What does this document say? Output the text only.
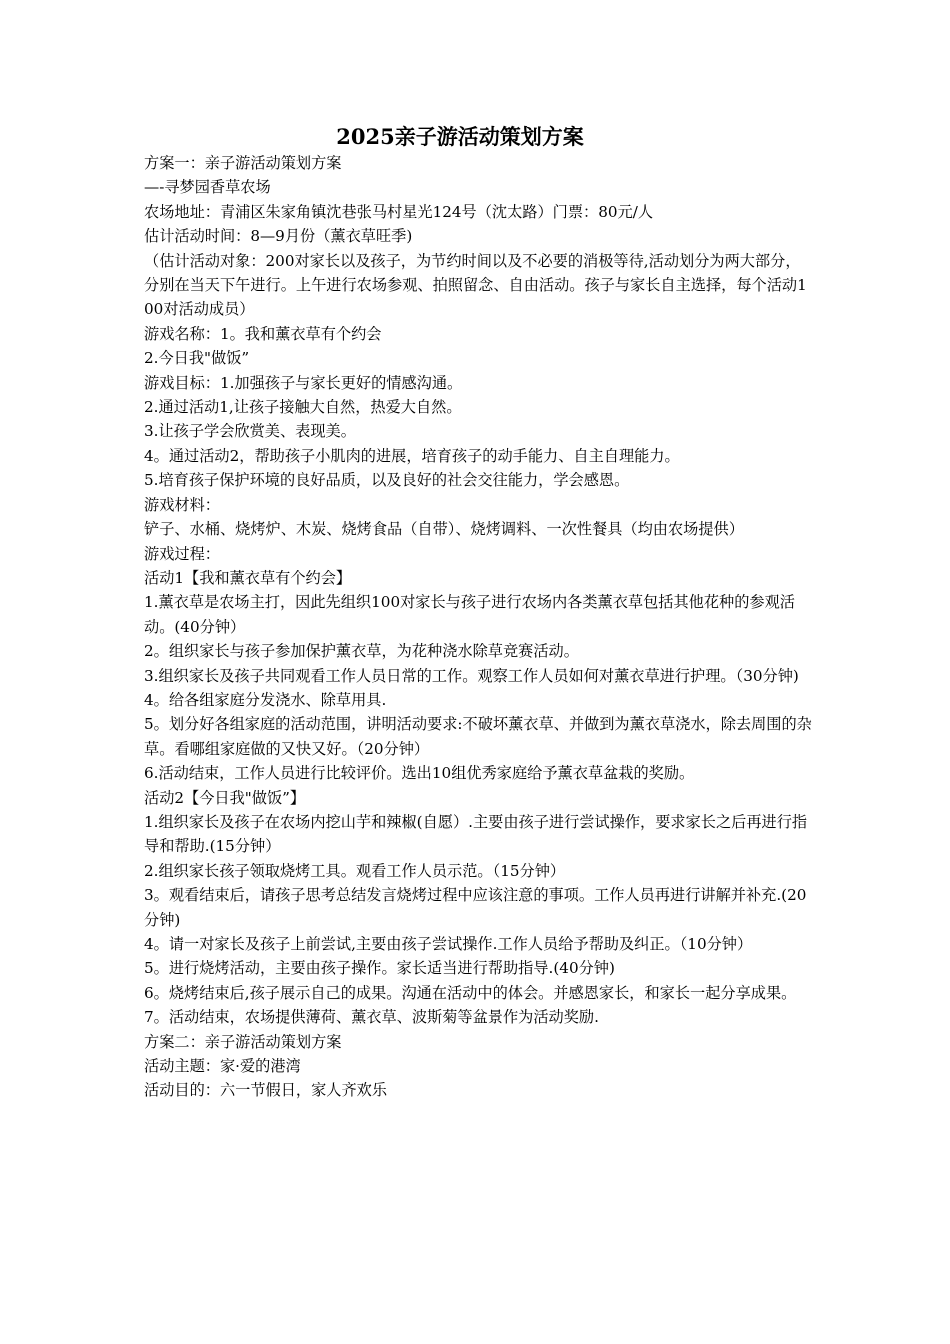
2025亲子游活动策划方案

方案一：亲子游活动策划方案

—-寻梦园香草农场

农场地址：青浦区朱家角镇沈巷张马村星光124号（沈太路）门票：80元/人

估计活动时间：8—9月份（薰衣草旺季)

（估计活动对象：200对家长以及孩子，为节约时间以及不必要的消极等待,活动划分为两大部分，分别在当天下午进行。上午进行农场参观、拍照留念、自由活动。孩子与家长自主选择，每个活动100对活动成员）

游戏名称：1。我和薰衣草有个约会

2.今日我"做饭”

游戏目标：1.加强孩子与家长更好的情感沟通。

2.通过活动1,让孩子接触大自然，热爱大自然。

3.让孩子学会欣赏美、表现美。

4。通过活动2，帮助孩子小肌肉的进展，培育孩子的动手能力、自主自理能力。

5.培育孩子保护环境的良好品质，以及良好的社会交往能力，学会感恩。

游戏材料：

铲子、水桶、烧烤炉、木炭、烧烤食品（自带）、烧烤调料、一次性餐具（均由农场提供）

游戏过程：

活动1【我和薰衣草有个约会】

1.薰衣草是农场主打，因此先组织100对家长与孩子进行农场内各类薰衣草包括其他花种的参观活动。(40分钟）

2。组织家长与孩子参加保护薰衣草，为花种浇水除草竞赛活动。

3.组织家长及孩子共同观看工作人员日常的工作。观察工作人员如何对薰衣草进行护理。（30分钟)

4。给各组家庭分发浇水、除草用具.

5。划分好各组家庭的活动范围，讲明活动要求:不破坏薰衣草、并做到为薰衣草浇水，除去周围的杂草。看哪组家庭做的又快又好。（20分钟）

6.活动结束，工作人员进行比较评价。选出10组优秀家庭给予薰衣草盆栽的奖励。

活动2【今日我"做饭”】

1.组织家长及孩子在农场内挖山芋和辣椒(自愿）.主要由孩子进行尝试操作，要求家长之后再进行指导和帮助.(15分钟）

2.组织家长孩子领取烧烤工具。观看工作人员示范。（15分钟）

3。观看结束后，请孩子思考总结发言烧烤过程中应该注意的事项。工作人员再进行讲解并补充.(20分钟)

4。请一对家长及孩子上前尝试,主要由孩子尝试操作.工作人员给予帮助及纠正。（10分钟）

5。进行烧烤活动，主要由孩子操作。家长适当进行帮助指导.(40分钟)

6。烧烤结束后,孩子展示自己的成果。沟通在活动中的体会。并感恩家长，和家长一起分享成果。

7。活动结束，农场提供薄荷、薰衣草、波斯菊等盆景作为活动奖励.

方案二：亲子游活动策划方案

活动主题：家·爱的港湾

活动目的：六一节假日，家人齐欢乐
